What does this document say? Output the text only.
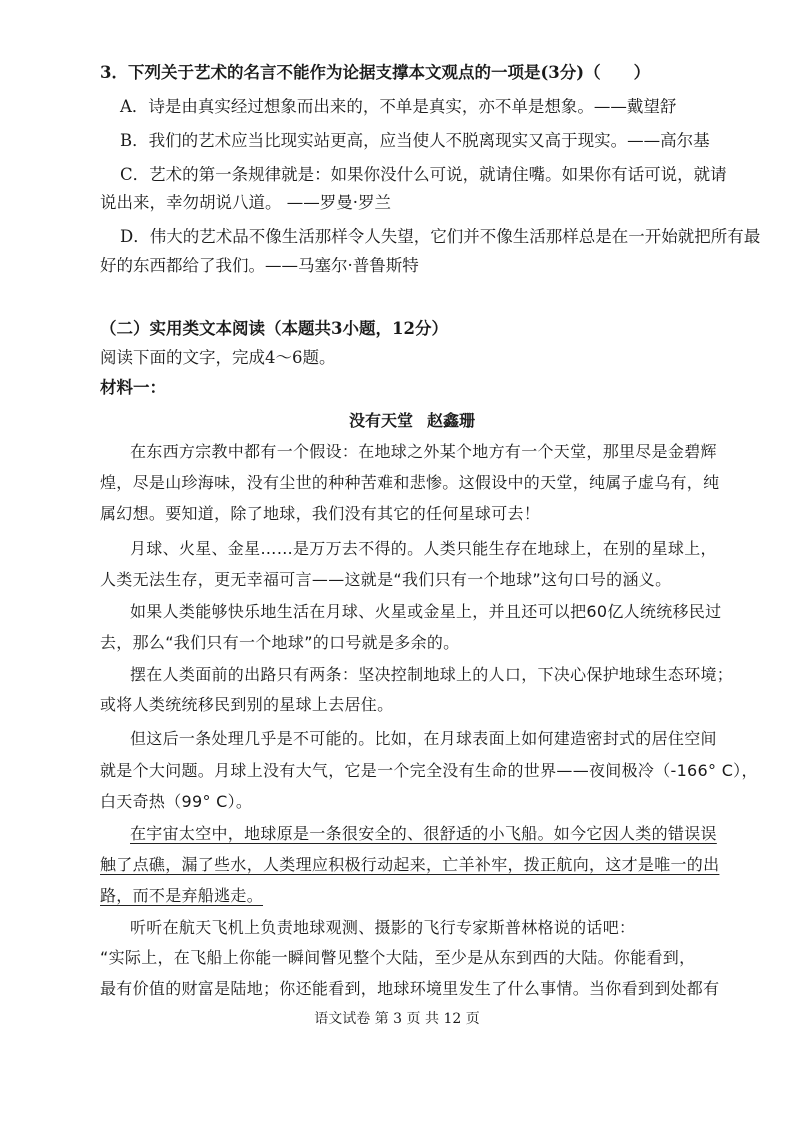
3．下列关于艺术的名言不能作为论据支撑本文观点的一项是(3分)（　　）
A．诗是由真实经过想象而出来的，不单是真实，亦不单是想象。——戴望舒
B．我们的艺术应当比现实站更高，应当使人不脱离现实又高于现实。——高尔基
C．艺术的第一条规律就是：如果你没什么可说，就请住嘴。如果你有话可说，就请
说出来，幸勿胡说八道。 ——罗曼·罗兰
D．伟大的艺术品不像生活那样令人失望，它们并不像生活那样总是在一开始就把所有最
好的东西都给了我们。——马塞尔·普鲁斯特
（二）实用类文本阅读（本题共3小题，12分）
阅读下面的文字，完成4～6题。
材料一：
没有天堂 赵鑫珊
在东西方宗教中都有一个假设：在地球之外某个地方有一个天堂，那里尽是金碧辉
煌，尽是山珍海味，没有尘世的种种苦难和悲惨。这假设中的天堂，纯属子虚乌有，纯
属幻想。要知道，除了地球，我们没有其它的任何星球可去！
月球、火星、金星……是万万去不得的。人类只能生存在地球上，在别的星球上，
人类无法生存，更无幸福可言——这就是“我们只有一个地球”这句口号的涵义。
如果人类能够快乐地生活在月球、火星或金星上，并且还可以把60亿人统统移民过
去，那么“我们只有一个地球”的口号就是多余的。
摆在人类面前的出路只有两条：坚决控制地球上的人口，下决心保护地球生态环境；
或将人类统统移民到别的星球上去居住。
但这后一条处理几乎是不可能的。比如，在月球表面上如何建造密封式的居住空间
就是个大问题。月球上没有大气，它是一个完全没有生命的世界——夜间极冷（-166° C），
白天奇热（99° C）。
在宇宙太空中，地球原是一条很安全的、很舒适的小飞船。如今它因人类的错误误
触了点礁，漏了些水，人类理应积极行动起来，亡羊补牢，拨正航向，这才是唯一的出
路，而不是弃船逃走。
听听在航天飞机上负责地球观测、摄影的飞行专家斯普林格说的话吧：
“实际上，在飞船上你能一瞬间瞥见整个大陆，至少是从东到西的大陆。你能看到，
最有价值的财富是陆地；你还能看到，地球环境里发生了什么事情。当你看到到处都有
语文试卷 第 3 页 共 12 页
